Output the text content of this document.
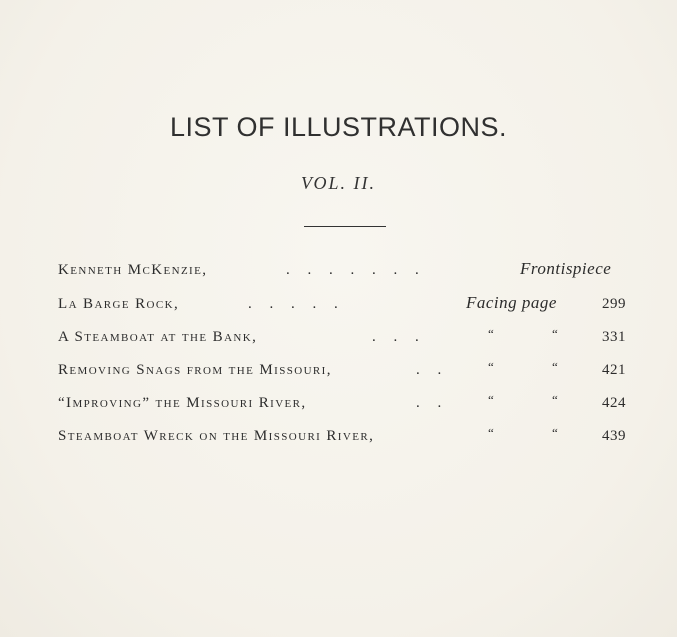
LIST OF ILLUSTRATIONS.
VOL. II.
Kenneth McKenzie,	. . . . . . .	Frontispiece
La Barge Rock,	. . . . .	Facing page	299
A Steamboat at the Bank,	. . .	“	“	331
Removing Snags from the Missouri,	. .	“	“	421
“Improving” the Missouri River,	. .	“	“	424
Steamboat Wreck on the Missouri River,	“	“	439
